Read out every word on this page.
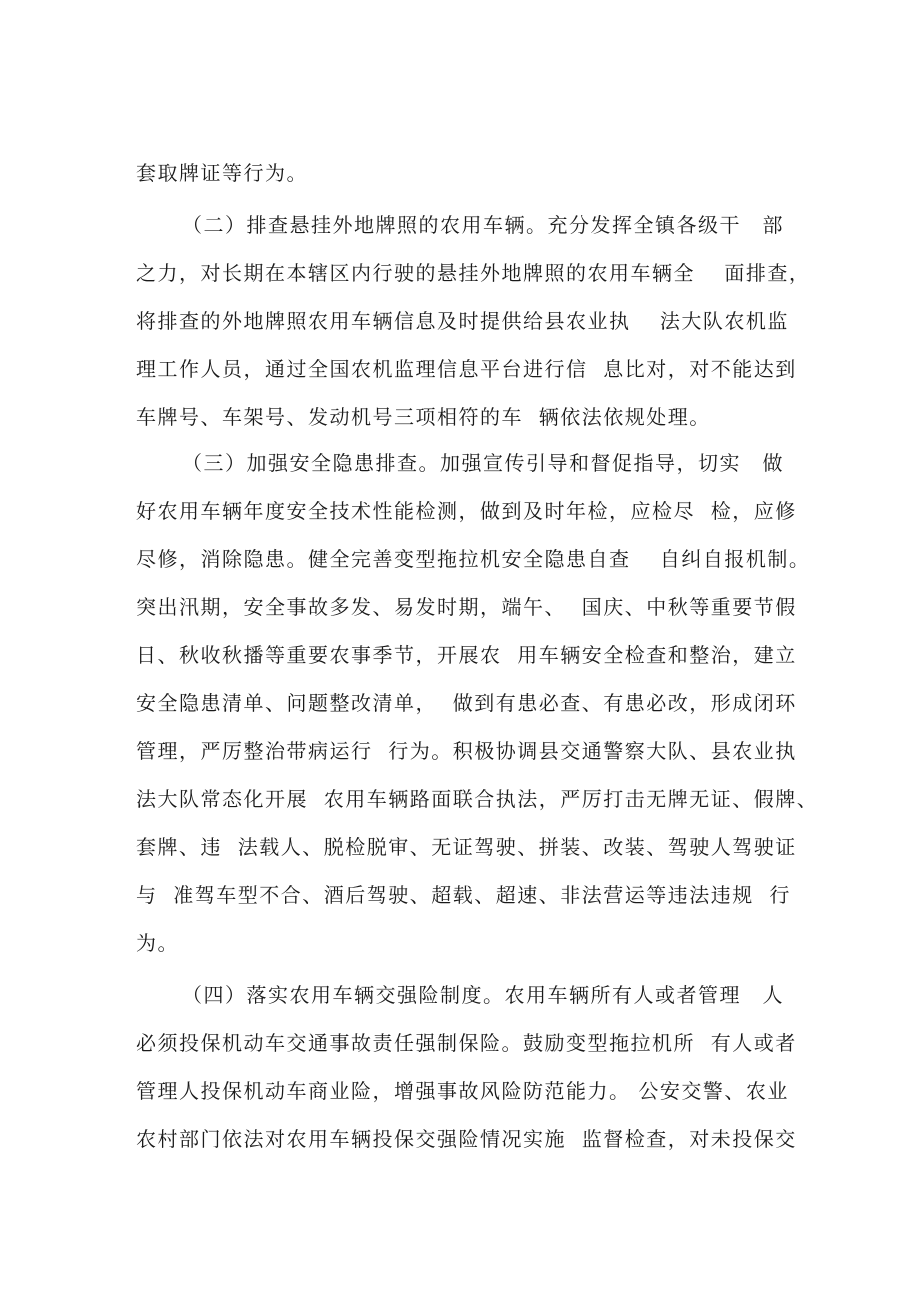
套取牌证等行为。
（二）排查悬挂外地牌照的农用车辆。充分发挥全镇各级干　部
之力，对长期在本辖区内行驶的悬挂外地牌照的农用车辆全　 面排查，
将排查的外地牌照农用车辆信息及时提供给县农业执　 法大队农机监
理工作人员，通过全国农机监理信息平台进行信  息比对，对不能达到
车牌号、车架号、发动机号三项相符的车  辆依法依规处理。
（三）加强安全隐患排查。加强宣传引导和督促指导，切实　做
好农用车辆年度安全技术性能检测，做到及时年检，应检尽  检，应修
尽修，消除隐患。健全完善变型拖拉机安全隐患自查　 自纠自报机制。
突出汛期，安全事故多发、易发时期，端午、  国庆、中秋等重要节假
日、秋收秋播等重要农事季节，开展农  用车辆安全检查和整治，建立
安全隐患清单、问题整改清单，  做到有患必查、有患必改，形成闭环
管理，严厉整治带病运行  行为。积极协调县交通警察大队、县农业执
法大队常态化开展  农用车辆路面联合执法，严厉打击无牌无证、假牌、
套牌、违  法载人、脱检脱审、无证驾驶、拼装、改装、驾驶人驾驶证
与  准驾车型不合、酒后驾驶、超载、超速、非法营运等违法违规  行
为。
（四）落实农用车辆交强险制度。农用车辆所有人或者管理　人
必须投保机动车交通事故责任强制保险。鼓励变型拖拉机所  有人或者
管理人投保机动车商业险，增强事故风险防范能力。 公安交警、农业
农村部门依法对农用车辆投保交强险情况实施  监督检查，对未投保交
